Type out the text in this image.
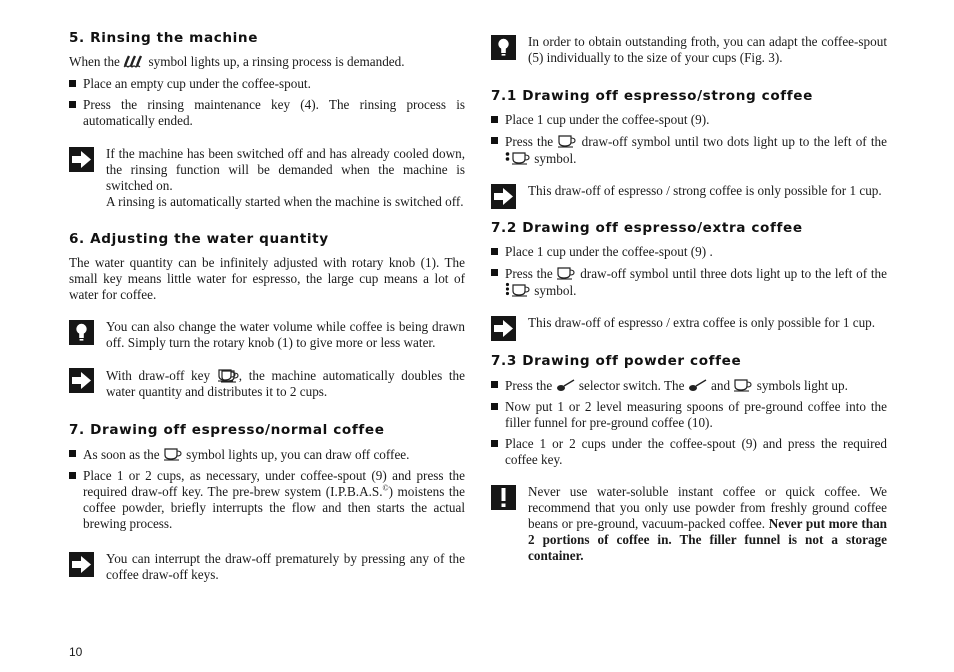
5. Rinsing the machine

When the symbol lights up, a rinsing process is demanded.

Place an empty cup under the coffee-spout.
Press the rinsing maintenance key (4). The rinsing process is automatically ended.

If the machine has been switched off and has already cooled down, the rinsing function will be demanded when the machine is switched on.

A rinsing is automatically started when the machine is switched off.

6. Adjusting the water quantity

The water quantity can be infinitely adjusted with rotary knob (1). The small key means little water for espresso, the large cup means a lot of water for coffee.

You can also change the water volume while coffee is being drawn off. Simply turn the rotary knob (1) to give more or less water.

With draw-off key , the machine automatically doubles the water quantity and distributes it to 2 cups.

7. Drawing off espresso/normal coffee
As soon as the symbol lights up, you can draw off coffee.
Place 1 or 2 cups, as necessary, under coffee-spout (9) and press the required draw-off key. The pre-brew system (I.P.B.A.S.©) moistens the coffee powder, briefly interrupts the flow and then starts the actual brewing process.

You can interrupt the draw-off prematurely by pressing any of the coffee draw-off keys.

In order to obtain outstanding froth, you can adapt the coffee-spout (5) individually to the size of your cups (Fig. 3).

7.1 Drawing off espresso/strong coffee
Place 1 cup under the coffee-spout (9).
Press the draw-off symbol until two dots light up to the left of the  symbol.

This draw-off of espresso / strong coffee is only possible for 1 cup.

7.2 Drawing off espresso/extra coffee
Place 1 cup under the coffee-spout (9) .
Press the draw-off symbol until three dots light up to the left of the  symbol.

This draw-off of espresso / extra coffee is only possible for 1 cup.

7.3 Drawing off powder coffee
Press the selector switch. The and symbols light up.
Now put 1 or 2 level measuring spoons of pre-ground coffee into the filler funnel for pre-ground coffee (10).
Place 1 or 2 cups under the coffee-spout (9) and press the required coffee key.

Never use water-soluble instant coffee or quick coffee. We recommend that you only use powder from freshly ground coffee beans or pre-ground, vacuum-packed coffee. Never put more than 2 portions of coffee in. The filler funnel is not a storage container.

10
